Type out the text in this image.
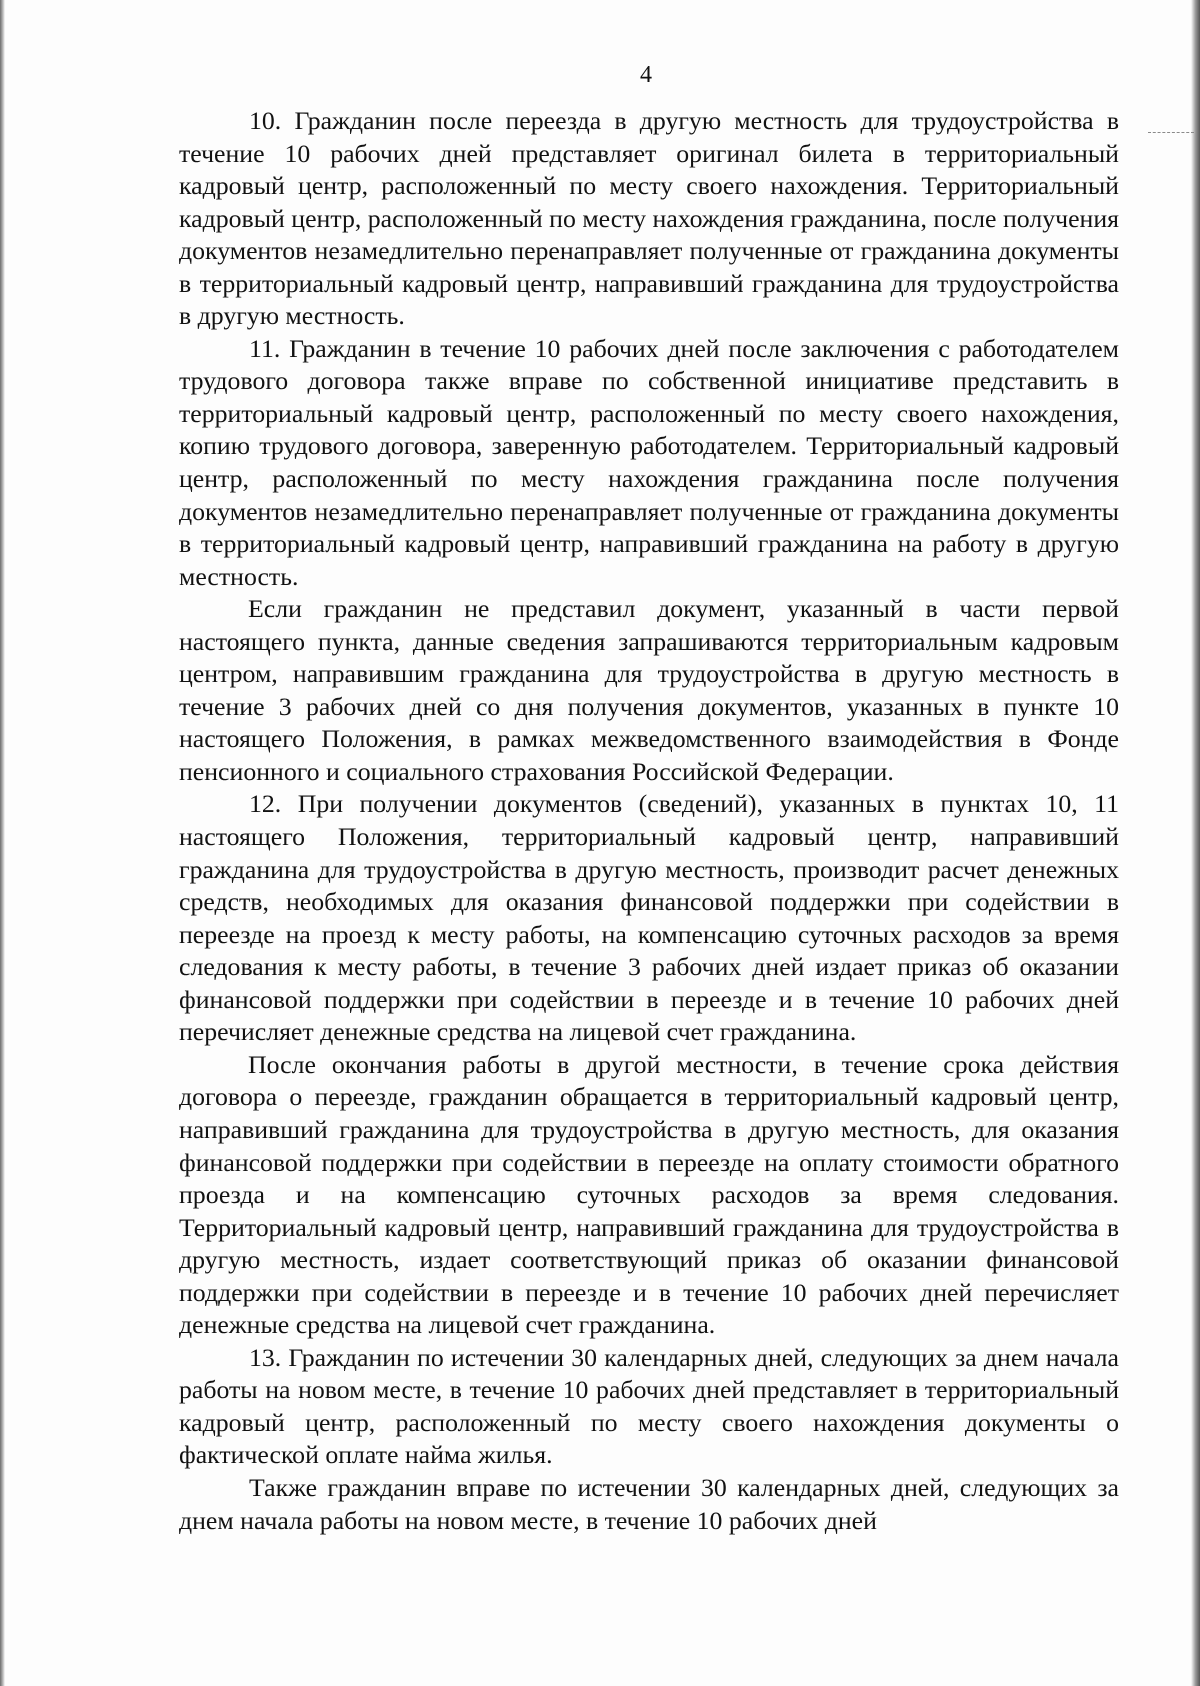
4

10. Гражданин после переезда в другую местность для трудоустройства в течение 10 рабочих дней представляет оригинал билета в территориальный кадровый центр, расположенный по месту своего нахождения. Территориальный кадровый центр, расположенный по месту нахождения гражданина, после получения документов незамедлительно перенаправляет полученные от гражданина документы в территориальный кадровый центр, направивший гражданина для трудоустройства в другую местность.

11. Гражданин в течение 10 рабочих дней после заключения с работодателем трудового договора также вправе по собственной инициативе представить в территориальный кадровый центр, расположенный по месту своего нахождения, копию трудового договора, заверенную работодателем. Территориальный кадровый центр, расположенный по месту нахождения гражданина после получения документов незамедлительно перенаправляет полученные от гражданина документы в территориальный кадровый центр, направивший гражданина на работу в другую местность.

Если гражданин не представил документ, указанный в части первой настоящего пункта, данные сведения запрашиваются территориальным кадровым центром, направившим гражданина для трудоустройства в другую местность в течение 3 рабочих дней со дня получения документов, указанных в пункте 10 настоящего Положения, в рамках межведомственного взаимодействия в Фонде пенсионного и социального страхования Российской Федерации.

12. При получении документов (сведений), указанных в пунктах 10, 11 настоящего Положения, территориальный кадровый центр, направивший гражданина для трудоустройства в другую местность, производит расчет денежных средств, необходимых для оказания финансовой поддержки при содействии в переезде на проезд к месту работы, на компенсацию суточных расходов за время следования к месту работы, в течение 3 рабочих дней издает приказ об оказании финансовой поддержки при содействии в переезде и в течение 10 рабочих дней перечисляет денежные средства на лицевой счет гражданина.

После окончания работы в другой местности, в течение срока действия договора о переезде, гражданин обращается в территориальный кадровый центр, направивший гражданина для трудоустройства в другую местность, для оказания финансовой поддержки при содействии в переезде на оплату стоимости обратного проезда и на компенсацию суточных расходов за время следования. Территориальный кадровый центр, направивший гражданина для трудоустройства в другую местность, издает соответствующий приказ об оказании финансовой поддержки при содействии в переезде и в течение 10 рабочих дней перечисляет денежные средства на лицевой счет гражданина.

13. Гражданин по истечении 30 календарных дней, следующих за днем начала работы на новом месте, в течение 10 рабочих дней представляет в территориальный кадровый центр, расположенный по месту своего нахождения документы о фактической оплате найма жилья.

Также гражданин вправе по истечении 30 календарных дней, следующих за днем начала работы на новом месте, в течение 10 рабочих дней
